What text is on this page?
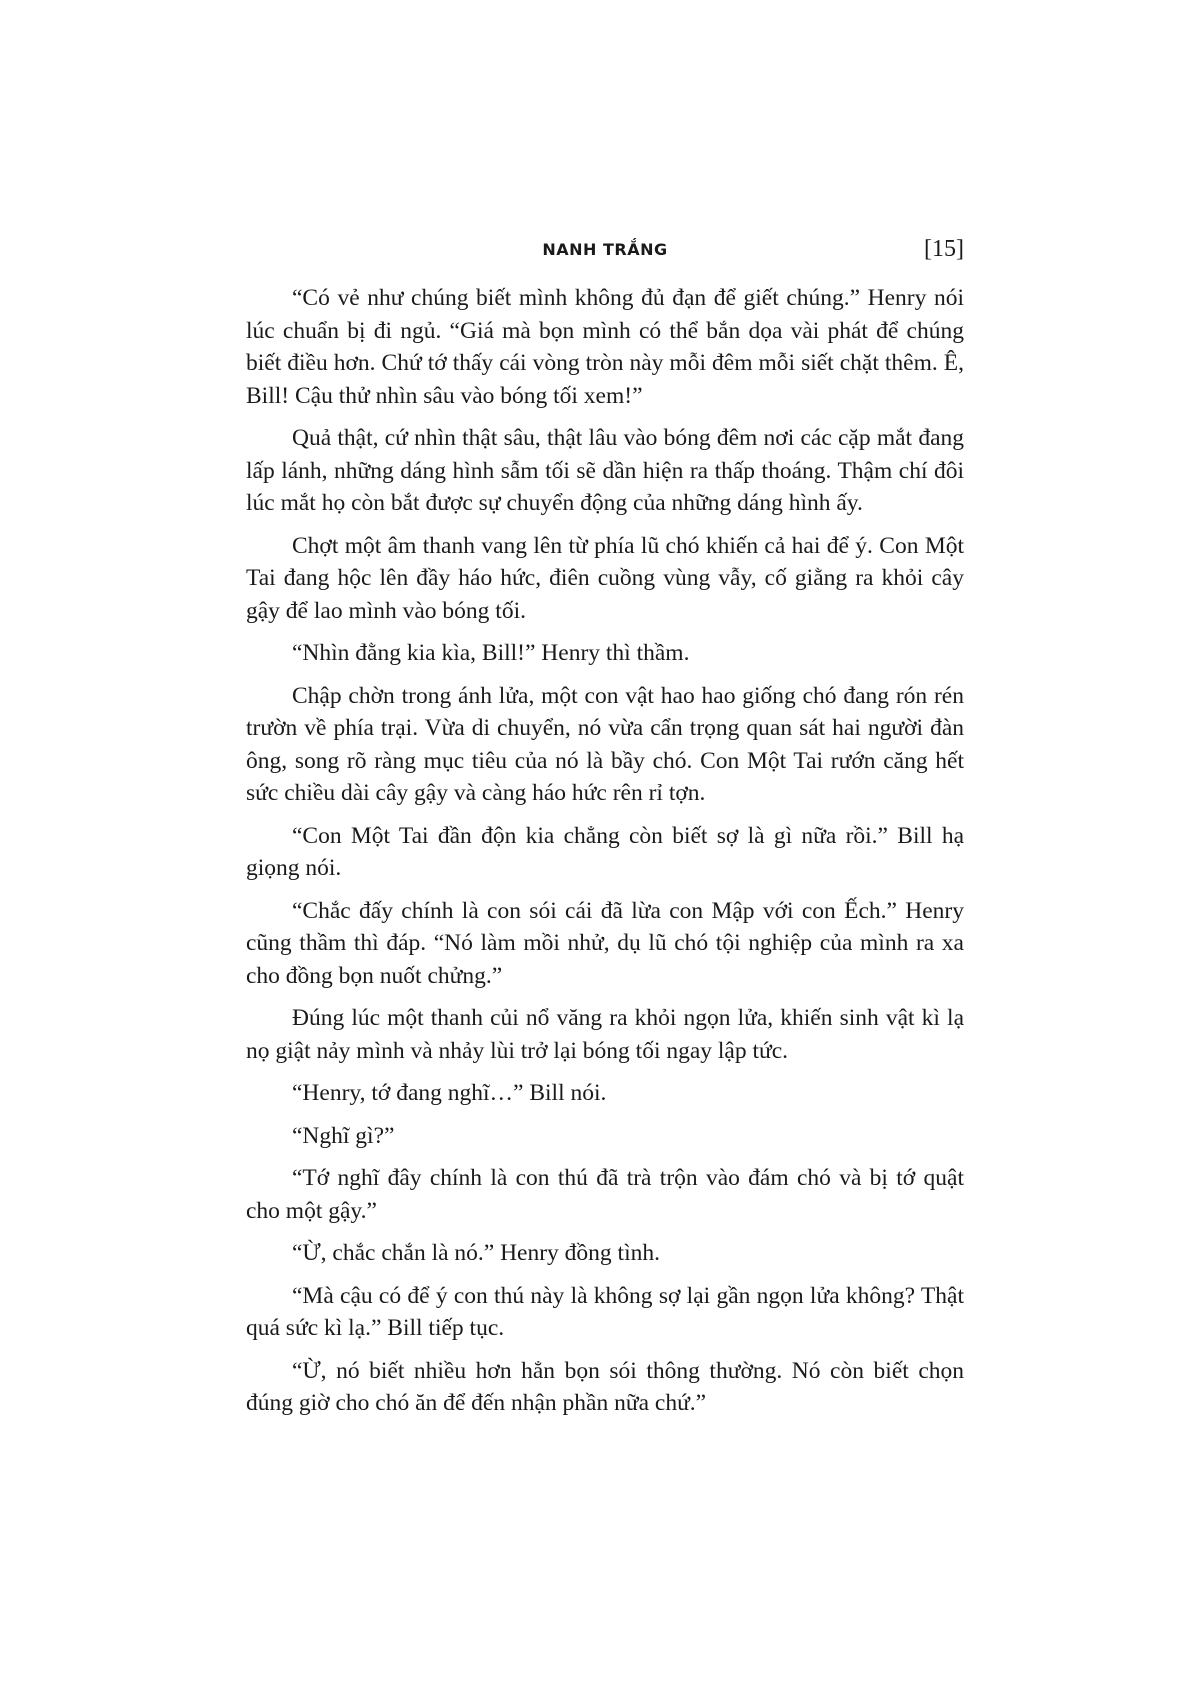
NANH TRẮNG	[15]

“Có vẻ như chúng biết mình không đủ đạn để giết chúng.” Henry nói lúc chuẩn bị đi ngủ. “Giá mà bọn mình có thể bắn dọa vài phát để chúng biết điều hơn. Chứ tớ thấy cái vòng tròn này mỗi đêm mỗi siết chặt thêm. Ê, Bill! Cậu thử nhìn sâu vào bóng tối xem!”

Quả thật, cứ nhìn thật sâu, thật lâu vào bóng đêm nơi các cặp mắt đang lấp lánh, những dáng hình sẫm tối sẽ dần hiện ra thấp thoáng. Thậm chí đôi lúc mắt họ còn bắt được sự chuyển động của những dáng hình ấy.

Chợt một âm thanh vang lên từ phía lũ chó khiến cả hai để ý. Con Một Tai đang hộc lên đầy háo hức, điên cuồng vùng vẫy, cố giằng ra khỏi cây gậy để lao mình vào bóng tối.

“Nhìn đằng kia kìa, Bill!” Henry thì thầm.

Chập chờn trong ánh lửa, một con vật hao hao giống chó đang rón rén trườn về phía trại. Vừa di chuyển, nó vừa cẩn trọng quan sát hai người đàn ông, song rõ ràng mục tiêu của nó là bầy chó. Con Một Tai rướn căng hết sức chiều dài cây gậy và càng háo hức rên rỉ tợn.

“Con Một Tai đần độn kia chẳng còn biết sợ là gì nữa rồi.” Bill hạ giọng nói.

“Chắc đấy chính là con sói cái đã lừa con Mập với con Ếch.” Henry cũng thầm thì đáp. “Nó làm mồi nhử, dụ lũ chó tội nghiệp của mình ra xa cho đồng bọn nuốt chửng.”

Đúng lúc một thanh củi nổ văng ra khỏi ngọn lửa, khiến sinh vật kì lạ nọ giật nảy mình và nhảy lùi trở lại bóng tối ngay lập tức.

“Henry, tớ đang nghĩ…” Bill nói.

“Nghĩ gì?”

“Tớ nghĩ đây chính là con thú đã trà trộn vào đám chó và bị tớ quật cho một gậy.”

“Ừ, chắc chắn là nó.” Henry đồng tình.

“Mà cậu có để ý con thú này là không sợ lại gần ngọn lửa không? Thật quá sức kì lạ.” Bill tiếp tục.

“Ừ, nó biết nhiều hơn hẳn bọn sói thông thường. Nó còn biết chọn đúng giờ cho chó ăn để đến nhận phần nữa chứ.”
